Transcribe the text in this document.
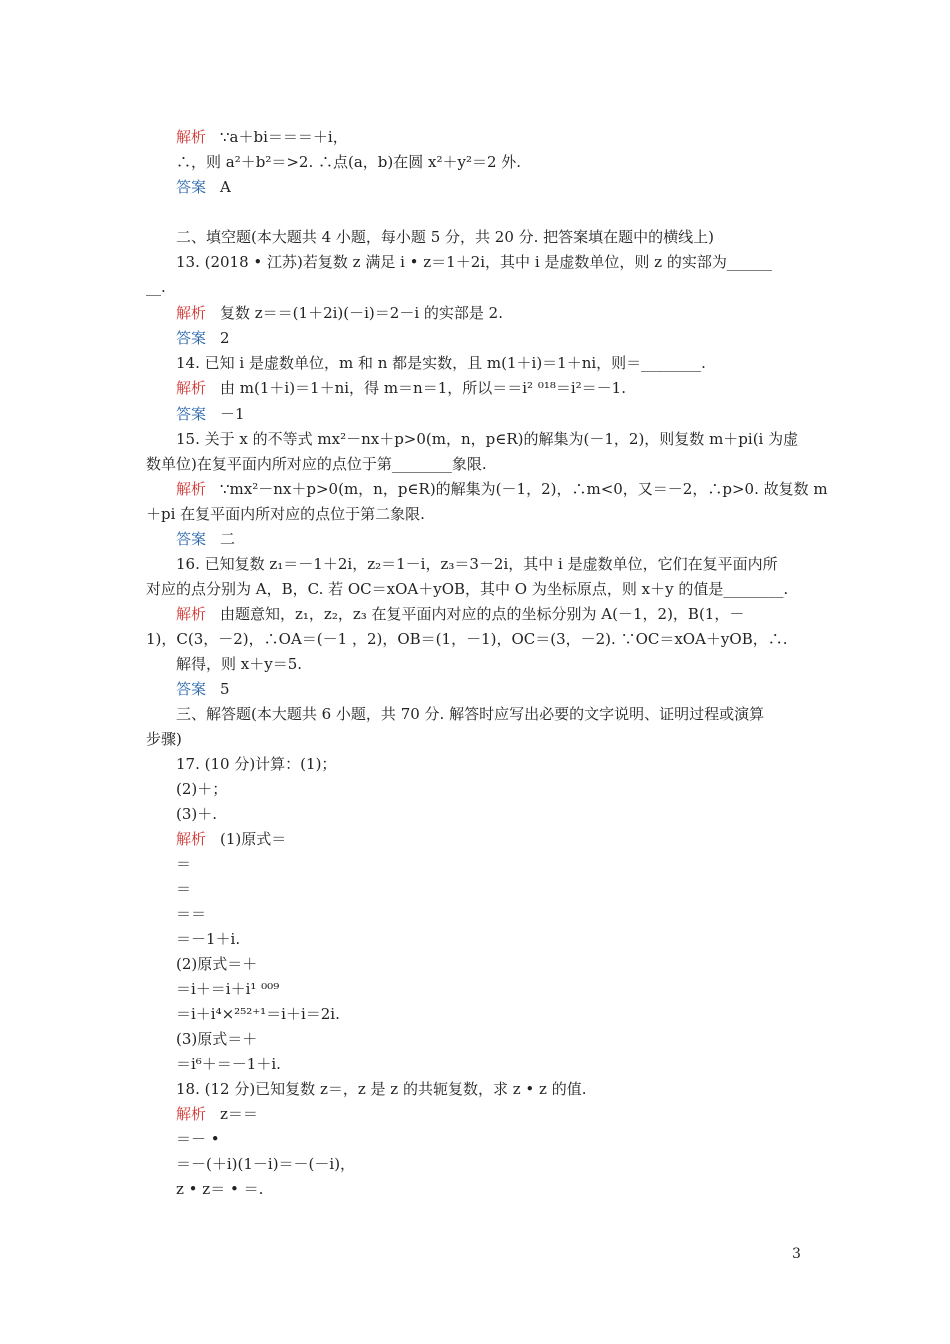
解析 ∵a＋bi＝＝＝＋i，
∴，则 a²＋b²＝>2. ∴点(a，b)在圆 x²＋y²＝2 外.
答案 A
二、填空题(本大题共 4 小题，每小题 5 分，共 20 分. 把答案填在题中的横线上)
13. (2018 • 江苏)若复数 z 满足 i • z＝1＋2i，其中 i 是虚数单位，则 z 的实部为______
__.
解析 复数 z＝＝(1＋2i)(－i)＝2－i 的实部是 2.
答案 2
14. 已知 i 是虚数单位，m 和 n 都是实数，且 m(1＋i)＝1＋ni，则＝________.
解析 由 m(1＋i)＝1＋ni，得 m＝n＝1，所以＝＝i² ⁰¹⁸＝i²＝－1.
答案 －1
15. 关于 x 的不等式 mx²－nx＋p>0(m，n，p∈R)的解集为(－1，2)，则复数 m＋pi(i 为虚
数单位)在复平面内所对应的点位于第________象限.
解析 ∵mx²－nx＋p>0(m，n，p∈R)的解集为(－1，2)，∴m<0，又＝－2，∴p>0. 故复数 m
＋pi 在复平面内所对应的点位于第二象限.
答案 二
16. 已知复数 z₁＝－1＋2i，z₂＝1－i，z₃＝3－2i，其中 i 是虚数单位，它们在复平面内所
对应的点分别为 A，B，C. 若 OC＝xOA＋yOB，其中 O 为坐标原点，则 x＋y 的值是________.
解析 由题意知，z₁，z₂，z₃ 在复平面内对应的点的坐标分别为 A(－1，2)，B(1，－
1)，C(3，－2)，∴OA＝(－1 ，2)，OB＝(1，－1)，OC＝(3，－2). ∵OC＝xOA＋yOB，∴.
解得，则 x＋y＝5.
答案 5
三、解答题(本大题共 6 小题，共 70 分. 解答时应写出必要的文字说明、证明过程或演算
步骤)
17. (10 分)计算：(1)；
(2)＋；
(3)＋.
解析 (1)原式＝
＝
＝
＝＝
＝－1＋i.
(2)原式＝＋
＝i＋＝i＋i¹ ⁰⁰⁹
＝i＋i⁴×²⁵²⁺¹＝i＋i＝2i.
(3)原式＝＋
＝i⁶＋＝－1＋i.
18. (12 分)已知复数 z＝，z 是 z 的共轭复数，求 z • z 的值.
解析 z＝＝
＝－ •
＝－(＋i)(1－i)＝－(－i)，
z • z＝ • ＝.
3
